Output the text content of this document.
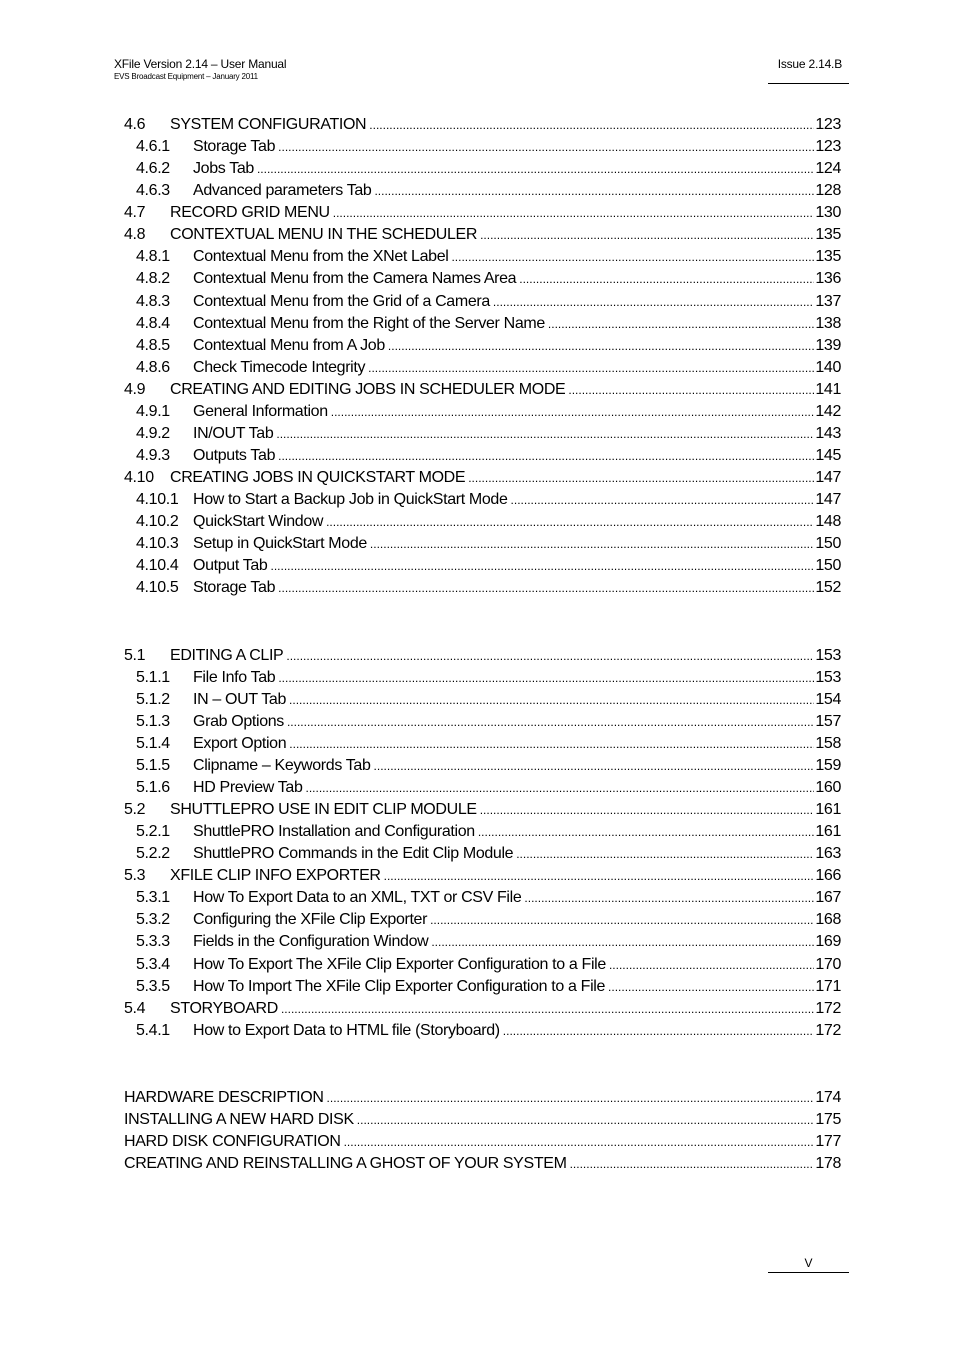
XFile Version 2.14 – User Manual
EVS Broadcast Equipment – January 2011
Issue 2.14.B
4.6	SYSTEM CONFIGURATION .....	123
4.6.1	Storage Tab .....	123
4.6.2	Jobs Tab .....	124
4.6.3	Advanced parameters Tab .....	128
4.7	RECORD GRID MENU .....	130
4.8	CONTEXTUAL MENU IN THE SCHEDULER .....	135
4.8.1	Contextual Menu from the XNet Label .....	135
4.8.2	Contextual Menu from the Camera Names Area .....	136
4.8.3	Contextual Menu from the Grid of a Camera .....	137
4.8.4	Contextual Menu from the Right of the Server Name .....	138
4.8.5	Contextual Menu from A Job .....	139
4.8.6	Check Timecode Integrity .....	140
4.9	CREATING AND EDITING JOBS IN SCHEDULER MODE .....	141
4.9.1	General Information .....	142
4.9.2	IN/OUT Tab .....	143
4.9.3	Outputs Tab .....	145
4.10	CREATING JOBS IN QUICKSTART MODE .....	147
4.10.1 How to Start a Backup Job in QuickStart Mode .....	147
4.10.2 QuickStart Window .....	148
4.10.3 Setup in QuickStart Mode .....	150
4.10.4 Output Tab .....	150
4.10.5 Storage Tab .....	152
5.1	EDITING A CLIP .....	153
5.1.1	File Info Tab .....	153
5.1.2	IN – OUT Tab .....	154
5.1.3	Grab Options .....	157
5.1.4	Export Option .....	158
5.1.5	Clipname – Keywords Tab .....	159
5.1.6	HD Preview Tab .....	160
5.2	SHUTTLEPRO USE IN EDIT CLIP MODULE .....	161
5.2.1	ShuttlePRO Installation and Configuration .....	161
5.2.2	ShuttlePRO Commands in the Edit Clip Module .....	163
5.3	XFILE CLIP INFO EXPORTER .....	166
5.3.1	How To Export Data to an XML, TXT or CSV File .....	167
5.3.2	Configuring the XFile Clip Exporter .....	168
5.3.3	Fields in the Configuration Window .....	169
5.3.4	How To Export The XFile Clip Exporter Configuration to a File .....	170
5.3.5	How To Import The XFile Clip Exporter Configuration to a File .....	171
5.4	STORYBOARD .....	172
5.4.1	How to Export Data to HTML file (Storyboard) .....	172
HARDWARE DESCRIPTION .....	174
INSTALLING A NEW HARD DISK .....	175
HARD DISK CONFIGURATION .....	177
CREATING AND REINSTALLING A GHOST OF YOUR SYSTEM .....	178
V
